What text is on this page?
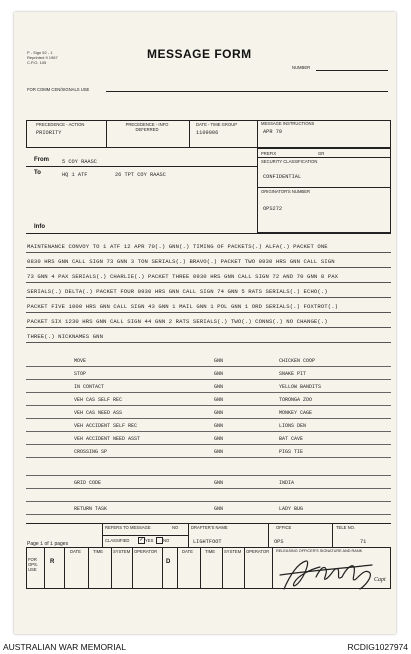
P - Sign 52 - 1
Reprinted 9 1967
C.P.O. 105
MESSAGE FORM
NUMBER
FOR COMM CEN/SIGNALS USE
PRECEDENCE - ACTION
PRIORITY
PRECEDENCE - INFO
DEFERRED
DATE - TIME GROUP
1109006
MESSAGE INSTRUCTIONS
APR 70
PREFIX	GR
SECURITY CLASSIFICATION
CONFIDENTIAL
ORIGINATOR'S NUMBER
OPS272
From 5 COY RAASC
To	HQ 1 ATF	26 TPT COY RAASC
Info
MAINTENANCE CONVOY TO 1 ATF 12 APR 70(.) GNN(.) TIMING OF PACKETS(.) ALFA(.) PACKET ONE
0830 HRS GNN CALL SIGN 73 GNN 3 TON SERIALS(.) BRAVO(.) PACKET TWO 0930 HRS GNN CALL SIGN
73 GNN 4 PAX SERIALS(.) CHARLIE(.) PACKET THREE 0930 HRS GNN CALL SIGN 72 AND 70 GNN 8 PAX
SERIALS(.) DELTA(.) PACKET FOUR 0930 HRS GNN CALL SIGN 74 GNN 5 RATS SERIALS(.) ECHO(.)
PACKET FIVE 1000 HRS GNN CALL SIGN 43 GNN 1 MAIL GNN 1 POL GNN 1 ORD SERIALS(.) FOXTROT(.)
PACKET SIX 1230 HRS GNN CALL SIGN 44 GNN 2 RATS SERIALS(.) TWO(.) CONNS(.) NO CHANGE(.)
THREE(.) NICKNAMES GNN
MOVE	GNN	CHICKEN COOP
STOP	GNN	SNAKE PIT
IN CONTACT	GNN	YELLOW BANDITS
VEH CAS SELF REC	GNN	TORONGA ZOO
VEH CAS NEED ASS	GNN	MONKEY CAGE
VEH ACCIDENT SELF REC	GNN	LIONS DEN
VEH ACCIDENT NEED ASST	GNN	BAT CAVE
CROSSING SP	GNN	PIGS TIE
GRID CODE	GNN	INDIA
RETURN TASK	GNN	LADY BUG
Page 1 of 1 pages
REFERS TO MESSAGE	NO
CLASSIFIED ✓ YES NO
DRAFTER'S NAME
LIGHTFOOT
OFFICE
OPS
TELE NO.
71
FOR OPS. USE
R
DATE	TIME SYSTEM OPERATOR
D
DATE	TIME SYSTEM OPERATOR RELEASING OFFICER'S SIGNATURE AND RANK
Capt
AUSTRALIAN WAR MEMORIAL	RCDIG1027974
